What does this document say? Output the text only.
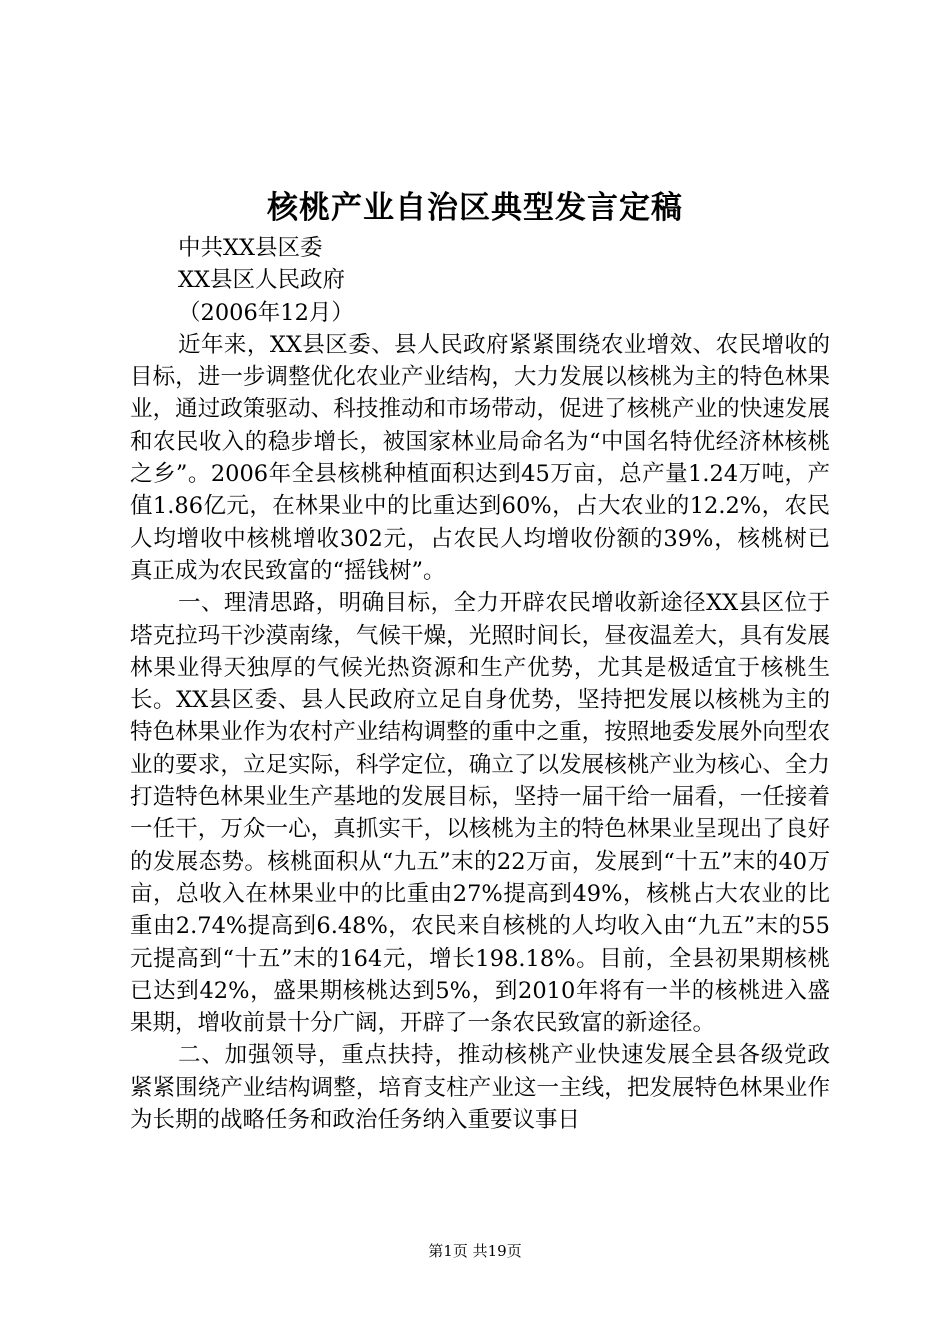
核桃产业自治区典型发言定稿

中共XX县区委

XX县区人民政府

（2006年12月）

近年来，XX县区委、县人民政府紧紧围绕农业增效、农民增收的目标，进一步调整优化农业产业结构，大力发展以核桃为主的特色林果业，通过政策驱动、科技推动和市场带动，促进了核桃产业的快速发展和农民收入的稳步增长，被国家林业局命名为“中国名特优经济林核桃之乡”。2006年全县核桃种植面积达到45万亩，总产量1.24万吨，产值1.86亿元，在林果业中的比重达到60%，占大农业的12.2%，农民人均增收中核桃增收302元，占农民人均增收份额的39%，核桃树已真正成为农民致富的“摇钱树”。

一、理清思路，明确目标，全力开辟农民增收新途径XX县区位于塔克拉玛干沙漠南缘，气候干燥，光照时间长，昼夜温差大，具有发展林果业得天独厚的气候光热资源和生产优势，尤其是极适宜于核桃生长。XX县区委、县人民政府立足自身优势，坚持把发展以核桃为主的特色林果业作为农村产业结构调整的重中之重，按照地委发展外向型农业的要求，立足实际，科学定位，确立了以发展核桃产业为核心、全力打造特色林果业生产基地的发展目标，坚持一届干给一届看，一任接着一任干，万众一心，真抓实干，以核桃为主的特色林果业呈现出了良好的发展态势。核桃面积从“九五”末的22万亩，发展到“十五”末的40万亩，总收入在林果业中的比重由27%提高到49%，核桃占大农业的比重由2.74%提高到6.48%，农民来自核桃的人均收入由“九五”末的55元提高到“十五”末的164元，增长198.18%。目前，全县初果期核桃已达到42%，盛果期核桃达到5%，到2010年将有一半的核桃进入盛果期，增收前景十分广阔，开辟了一条农民致富的新途径。

二、加强领导，重点扶持，推动核桃产业快速发展全县各级党政紧紧围绕产业结构调整，培育支柱产业这一主线，把发展特色林果业作为长期的战略任务和政治任务纳入重要议事日

第1页 共19页
